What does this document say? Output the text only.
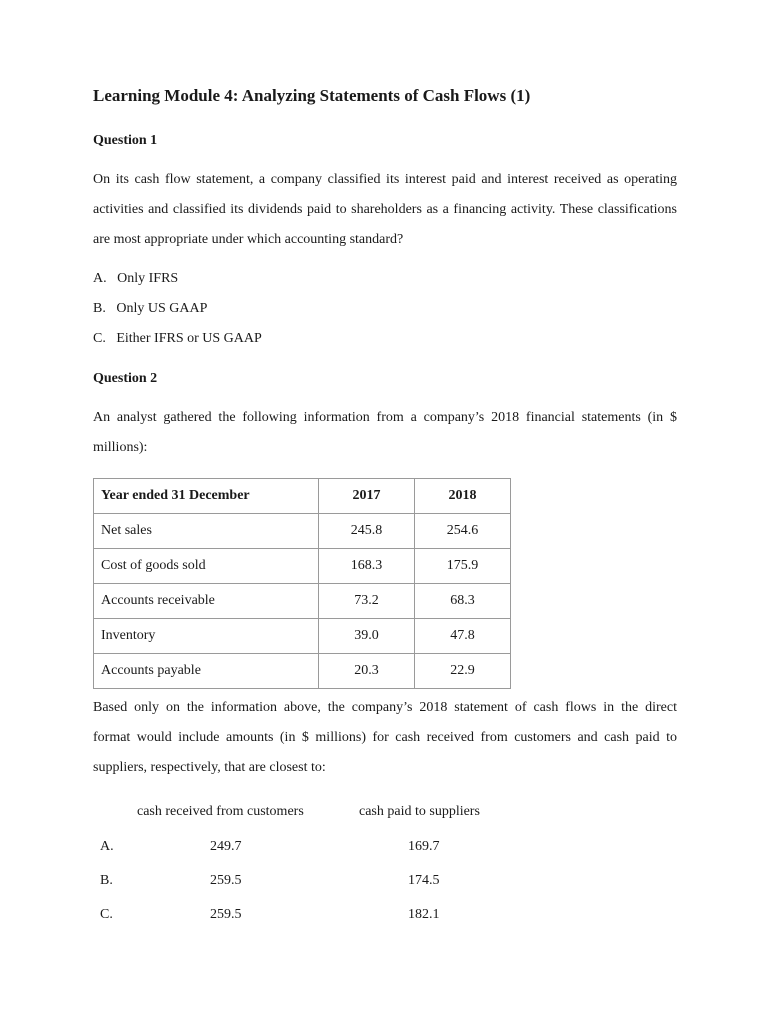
Learning Module 4: Analyzing Statements of Cash Flows (1)
Question 1
On its cash flow statement, a company classified its interest paid and interest received as operating
activities and classified its dividends paid to shareholders as a financing activity. These classifications
are most appropriate under which accounting standard?
A. Only IFRS
B. Only US GAAP
C. Either IFRS or US GAAP
Question 2
An analyst gathered the following information from a company’s 2018 financial statements (in $
millions):
Year ended 31 December	2017	2018
Net sales	245.8	254.6
Cost of goods sold	168.3	175.9
Accounts receivable	73.2	68.3
Inventory	39.0	47.8
Accounts payable	20.3	22.9
Based only on the information above, the company’s 2018 statement of cash flows in the direct
format would include amounts (in $ millions) for cash received from customers and cash paid to
suppliers, respectively, that are closest to:
cash received from customers	cash paid to suppliers
A.	249.7	169.7
B.	259.5	174.5
C.	259.5	182.1
